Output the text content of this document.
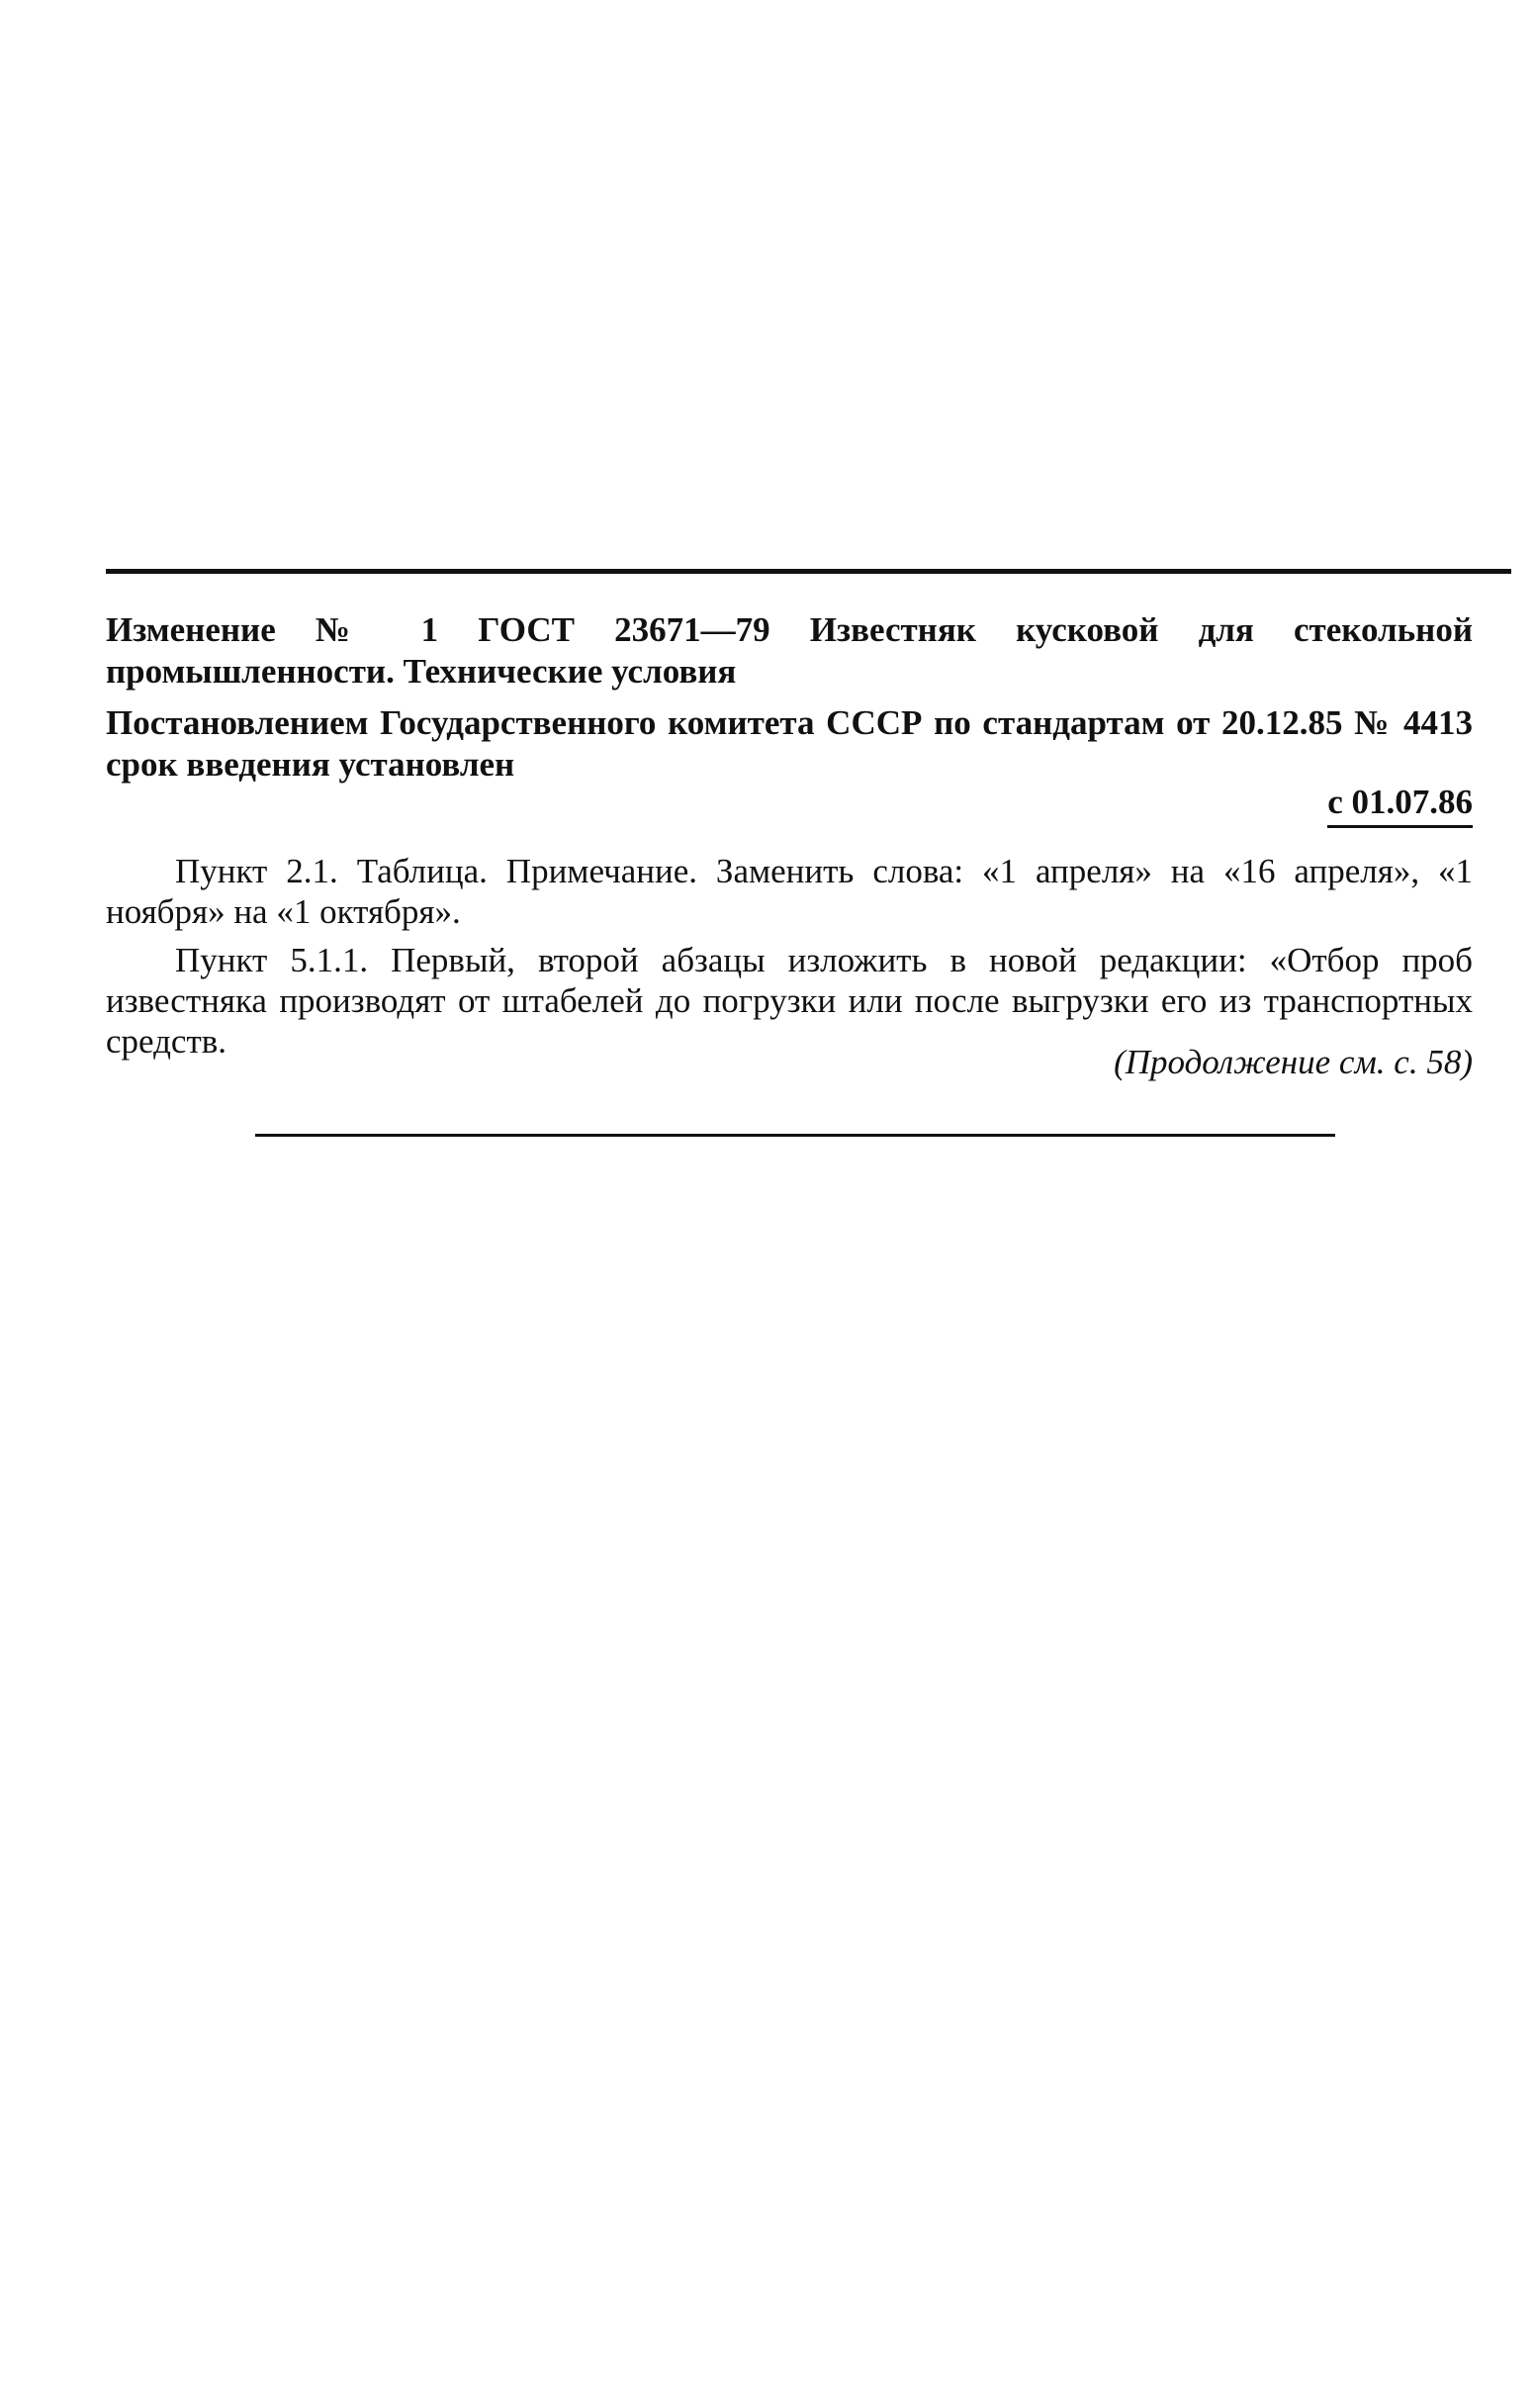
Изменение № 1 ГОСТ 23671—79 Известняк кусковой для стекольной промышленности. Технические условия

Постановлением Государственного комитета СССР по стандартам от 20.12.85 № 4413 срок введения установлен

с 01.07.86

Пункт 2.1. Таблица. Примечание. Заменить слова: «1 апреля» на «16 апреля», «1 ноября» на «1 октября».

Пункт 5.1.1. Первый, второй абзацы изложить в новой редакции: «Отбор проб известняка производят от штабелей до погрузки или после выгрузки его из транспортных средств.

(Продолжение см. с. 58)
